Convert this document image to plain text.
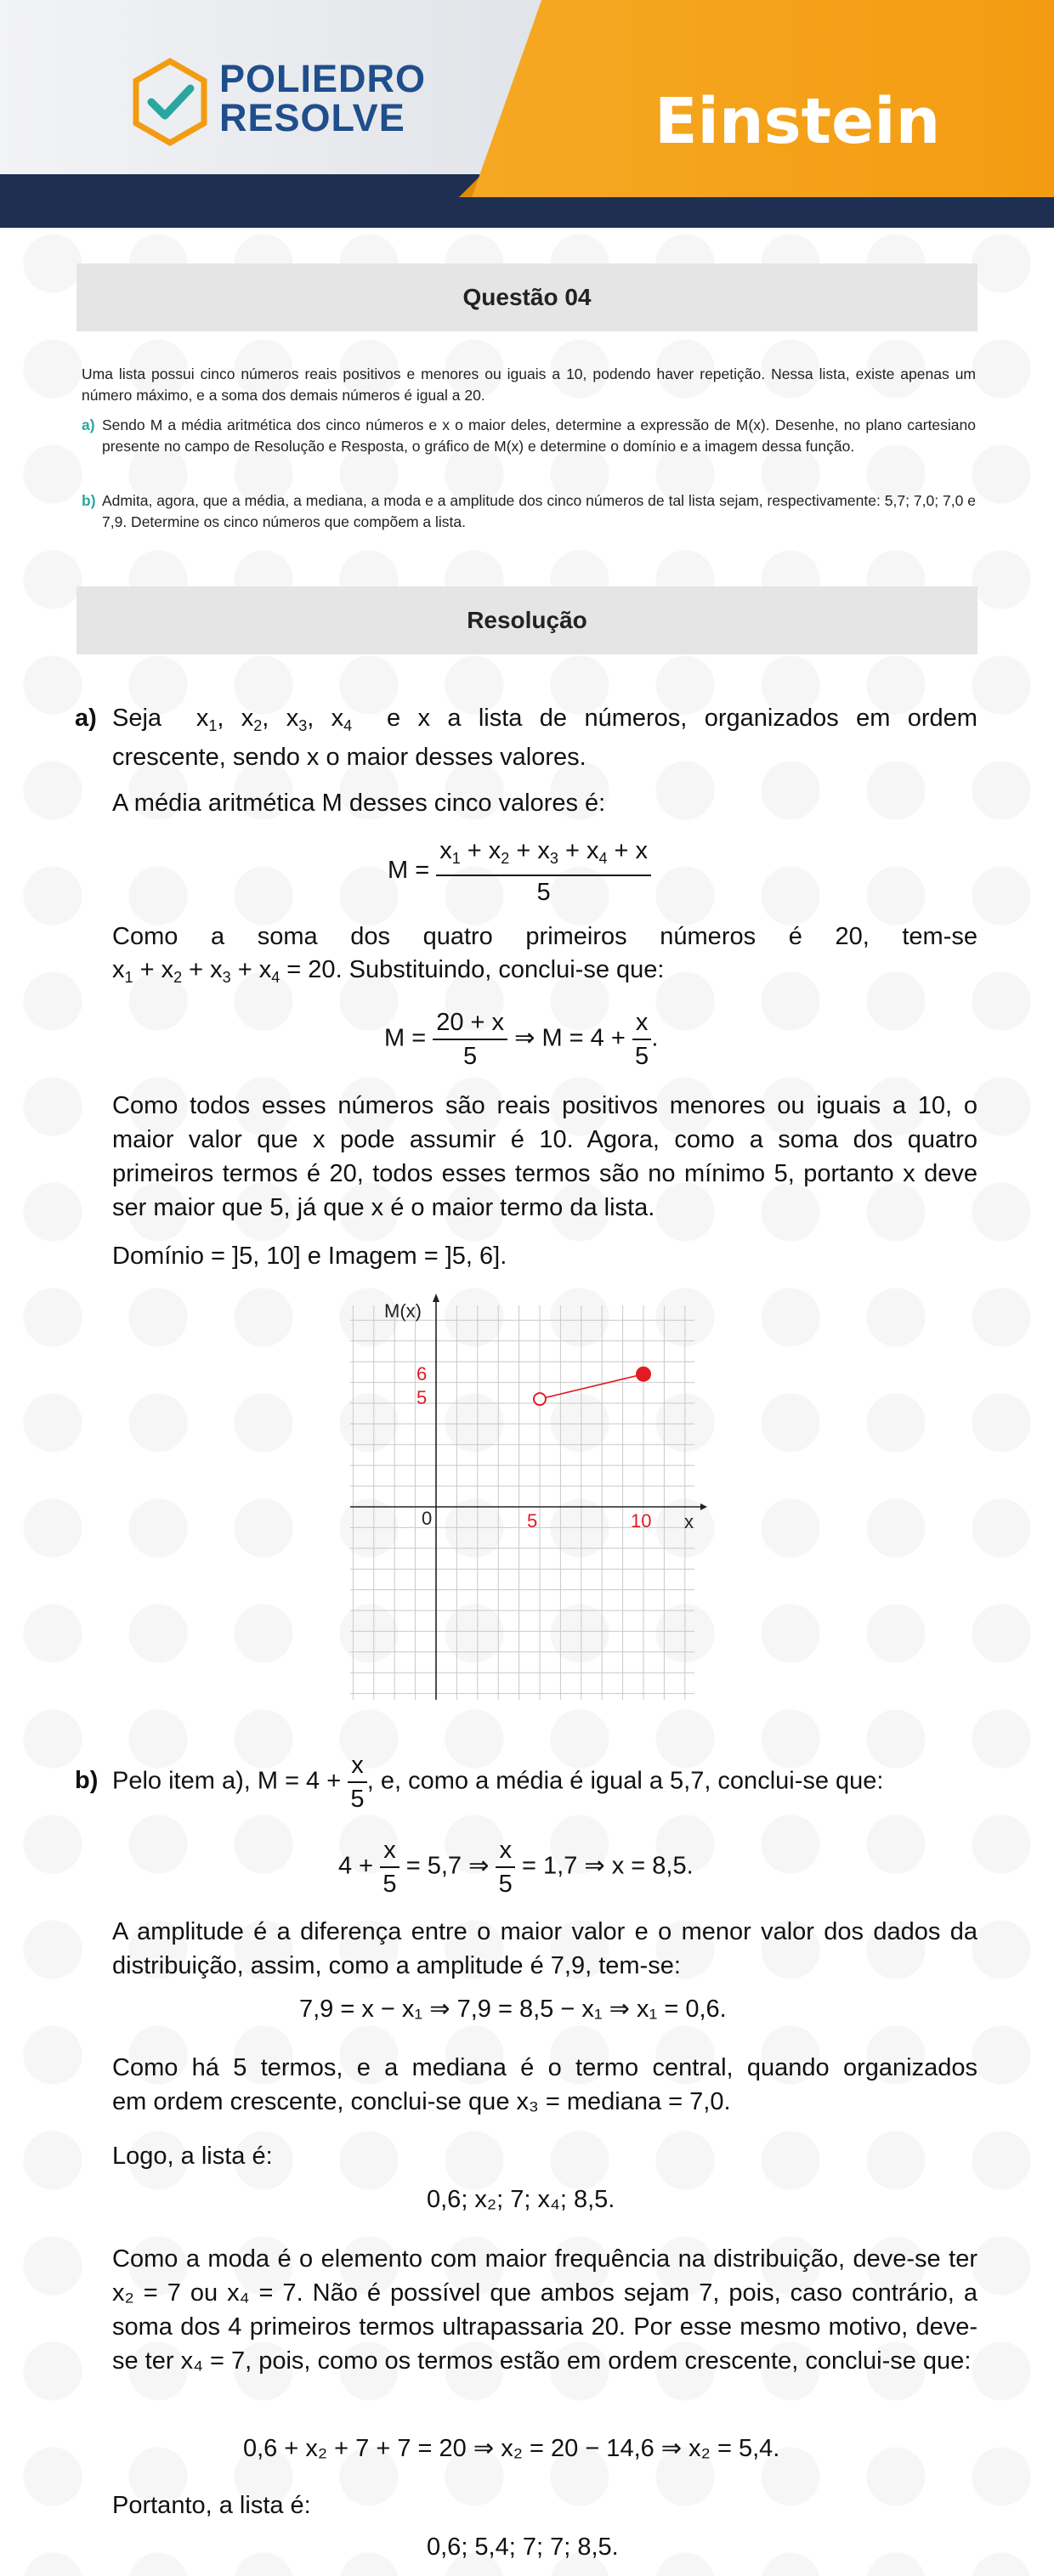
POLIEDRO
RESOLVE	Einstein
Questão 04
Uma lista possui cinco números reais positivos e menores ou iguais a 10, podendo haver repetição. Nessa lista, existe apenas um número máximo, e a soma dos demais números é igual a 20.
a) Sendo M a média aritmética dos cinco números e x o maior deles, determine a expressão de M(x). Desenhe, no plano cartesiano presente no campo de Resolução e Resposta, o gráfico de M(x) e determine o domínio e a imagem dessa função.
b) Admita, agora, que a média, a mediana, a moda e a amplitude dos cinco números de tal lista sejam, respectivamente: 5,7; 7,0; 7,0 e 7,9. Determine os cinco números que compõem a lista.
Resolução
a) Seja $x_1$, $x_2$, $x_3$, $x_4$ e x a lista de números, organizados em ordem
crescente, sendo x o maior desses valores.
A média aritmética M desses cinco valores é:
$M = \frac{x_1 + x_2 + x_3 + x_4 + x}{5}$
Como a soma dos quatro primeiros números é 20, tem-se
$x_1 + x_2 + x_3 + x_4 = 20$. Substituindo, conclui-se que:
$M = \frac{20 + x}{5}$ ⇒ $M = 4 + \frac{x}{5}$ .
Como todos esses números são reais positivos menores ou iguais a 10, o maior valor que x pode assumir é 10. Agora, como a soma dos quatro primeiros termos é 20, todos esses termos são no mínimo 5, portanto x deve ser maior que 5, já que x é o maior termo da lista.
Domínio = ]5, 10] e Imagem = ]5, 6].
M(x)
x
0
6
5
5	10
b) Pelo item a), $M = 4 + \frac{x}{5}$ , e, como a média é igual a 5,7, conclui-se que:
$4 + \frac{x}{5} = 5,7$ ⇒ $\frac{x}{5} = 1,7$ ⇒ x = 8,5.
A amplitude é a diferença entre o maior valor e o menor valor dos dados da distribuição, assim, como a amplitude é 7,9, tem-se:
7,9 = x − x₁ ⇒ 7,9 = 8,5 − x₁ ⇒ x₁ = 0,6.
Como há 5 termos, e a mediana é o termo central, quando organizados
em ordem crescente, conclui-se que x₃ = mediana = 7,0.
Logo, a lista é:
0,6; x₂; 7; x₄; 8,5.
Como a moda é o elemento com maior frequência na distribuição, deve-se ter x₂ = 7 ou x₄ = 7. Não é possível que ambos sejam 7, pois, caso contrário, a soma dos 4 primeiros termos ultrapassaria 20. Por esse mesmo motivo, deve-se ter x₄ = 7, pois, como os termos estão em ordem crescente, conclui-se que:
0,6 + x₂ + 7 + 7 = 20 ⇒ x₂ = 20 − 14,6 ⇒ x₂ = 5,4.
Portanto, a lista é:
0,6; 5,4; 7; 7; 8,5.
